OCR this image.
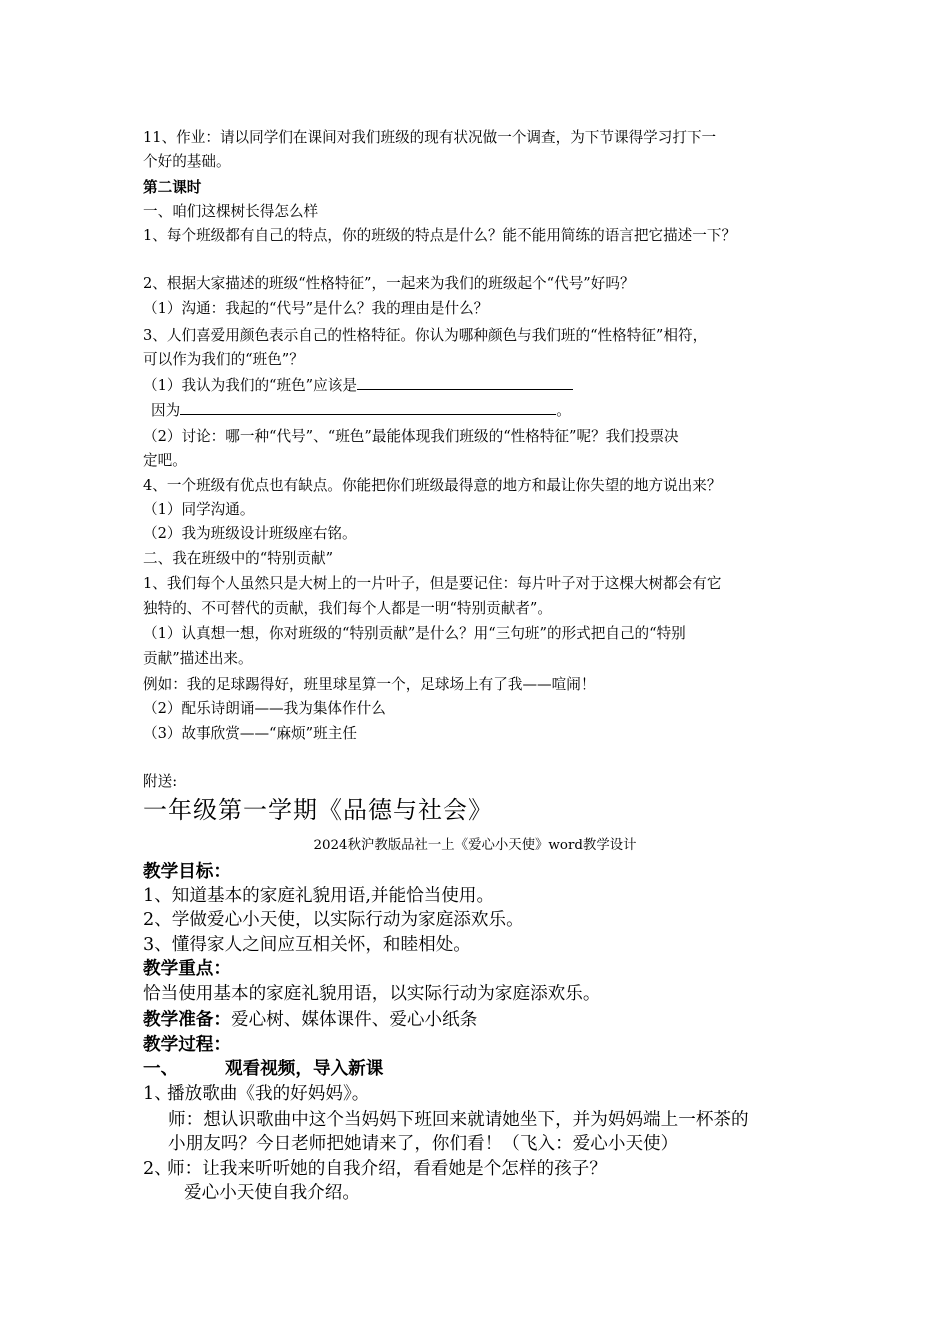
11、作业：请以同学们在课间对我们班级的现有状况做一个调查，为下节课得学习打下一

个好的基础。

第二课时

一、咱们这棵树长得怎么样

1、每个班级都有自己的特点，你的班级的特点是什么？能不能用简练的语言把它描述一下？

2、根据大家描述的班级“性格特征”，一起来为我们的班级起个“代号”好吗？

（1）沟通：我起的“代号”是什么？我的理由是什么？

3、人们喜爱用颜色表示自己的性格特征。你认为哪种颜色与我们班的“性格特征”相符，

可以作为我们的“班色”？

（1）我认为我们的“班色”应该是

因为	。

（2）讨论：哪一种“代号”、“班色”最能体现我们班级的“性格特征”呢？我们投票决

定吧。

4、一个班级有优点也有缺点。你能把你们班级最得意的地方和最让你失望的地方说出来？

（1）同学沟通。

（2）我为班级设计班级座右铭。

二、我在班级中的“特别贡献”

1、我们每个人虽然只是大树上的一片叶子，但是要记住：每片叶子对于这棵大树都会有它

独特的、不可替代的贡献，我们每个人都是一明“特别贡献者”。

（1）认真想一想，你对班级的“特别贡献”是什么？用“三句班”的形式把自己的“特别

贡献”描述出来。

例如：我的足球踢得好，班里球星算一个，足球场上有了我——喧闹！

（2）配乐诗朗诵——我为集体作什么

（3）故事欣赏——“麻烦”班主任

附送:

一年级第一学期《品德与社会》

2024秋沪教版品社一上《爱心小天使》word教学设计

教学目标：

1、知道基本的家庭礼貌用语,并能恰当使用。

2、学做爱心小天使，以实际行动为家庭添欢乐。

3、懂得家人之间应互相关怀，和睦相处。

教学重点：

恰当使用基本的家庭礼貌用语，以实际行动为家庭添欢乐。

教学准备：爱心树、媒体课件、爱心小纸条

教学过程：

一、	观看视频，导入新课

1、播放歌曲《我的好妈妈》。

师：想认识歌曲中这个当妈妈下班回来就请她坐下，并为妈妈端上一杯茶的

小朋友吗？今日老师把她请来了，你们看！（飞入：爱心小天使）

2、师：让我来听听她的自我介绍，看看她是个怎样的孩子？

爱心小天使自我介绍。
